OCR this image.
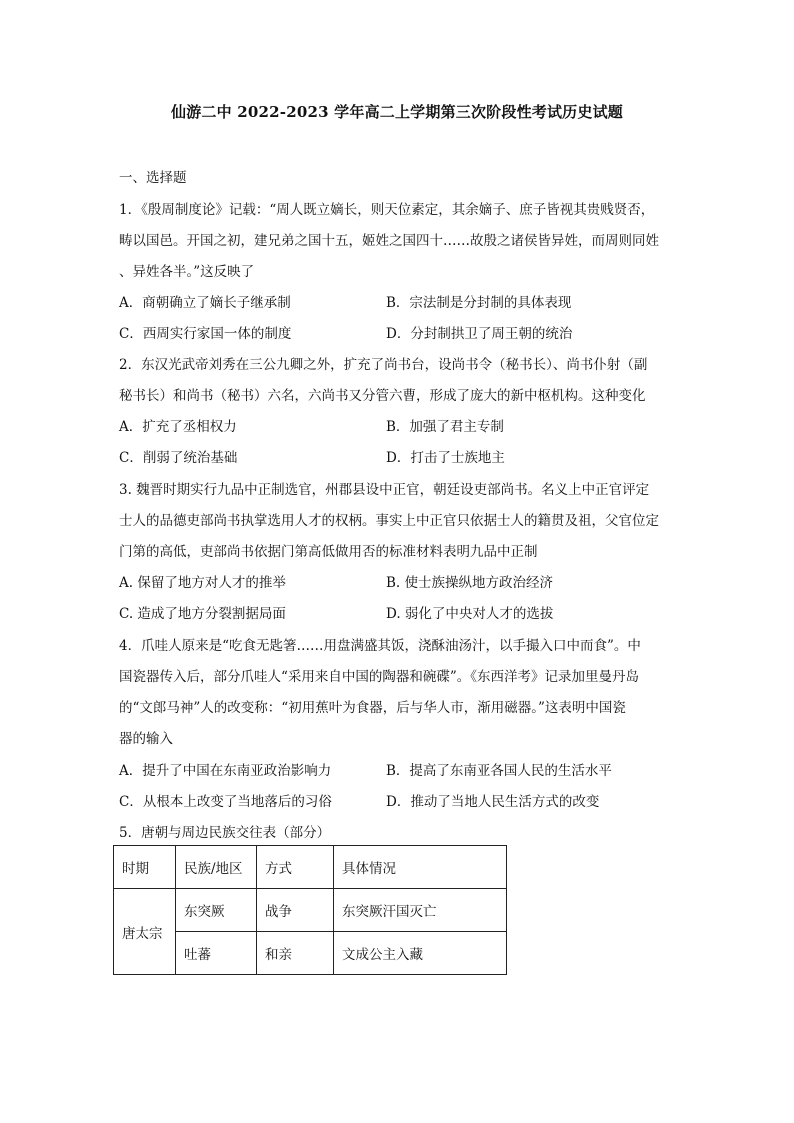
仙游二中 2022-2023 学年高二上学期第三次阶段性考试历史试题
一、选择题
1．《殷周制度论》记载：“周人既立嫡长，则天位素定，其余嫡子、庶子皆视其贵贱贤否，
畴以国邑。开国之初，建兄弟之国十五，姬姓之国四十……故殷之诸侯皆异姓，而周则同姓
、异姓各半。”这反映了
A．商朝确立了嫡长子继承制	B．宗法制是分封制的具体表现
C．西周实行家国一体的制度	D．分封制拱卫了周王朝的统治
2．东汉光武帝刘秀在三公九卿之外，扩充了尚书台，设尚书令（秘书长）、尚书仆射（副
秘书长）和尚书（秘书）六名，六尚书又分管六曹，形成了庞大的新中枢机构。这种变化
A．扩充了丞相权力	B．加强了君主专制
C．削弱了统治基础	D．打击了士族地主
3. 魏晋时期实行九品中正制选官，州郡县设中正官，朝廷设吏部尚书。名义上中正官评定
士人的品德吏部尚书执掌选用人才的权柄。事实上中正官只依据士人的籍贯及祖，父官位定
门第的高低，吏部尚书依据门第高低做用否的标准材料表明九品中正制
A. 保留了地方对人才的推举	B. 使士族操纵地方政治经济
C. 造成了地方分裂割据局面	D. 弱化了中央对人才的选拔
4．爪哇人原来是“吃食无匙箸……用盘满盛其饭，浇酥油汤汁，以手撮入口中而食”。中
国瓷器传入后，部分爪哇人“采用来自中国的陶器和碗碟”。《东西洋考》记录加里曼丹岛
的“文郎马神”人的改变称：“初用蕉叶为食器，后与华人市，渐用磁器。”这表明中国瓷
器的输入
A．提升了中国在东南亚政治影响力	B．提高了东南亚各国人民的生活水平
C．从根本上改变了当地落后的习俗	D．推动了当地人民生活方式的改变
5．唐朝与周边民族交往表（部分）
时期	民族/地区	方式	具体情况
唐太宗	东突厥	战争	东突厥汗国灭亡
	吐蕃	和亲	文成公主入藏
